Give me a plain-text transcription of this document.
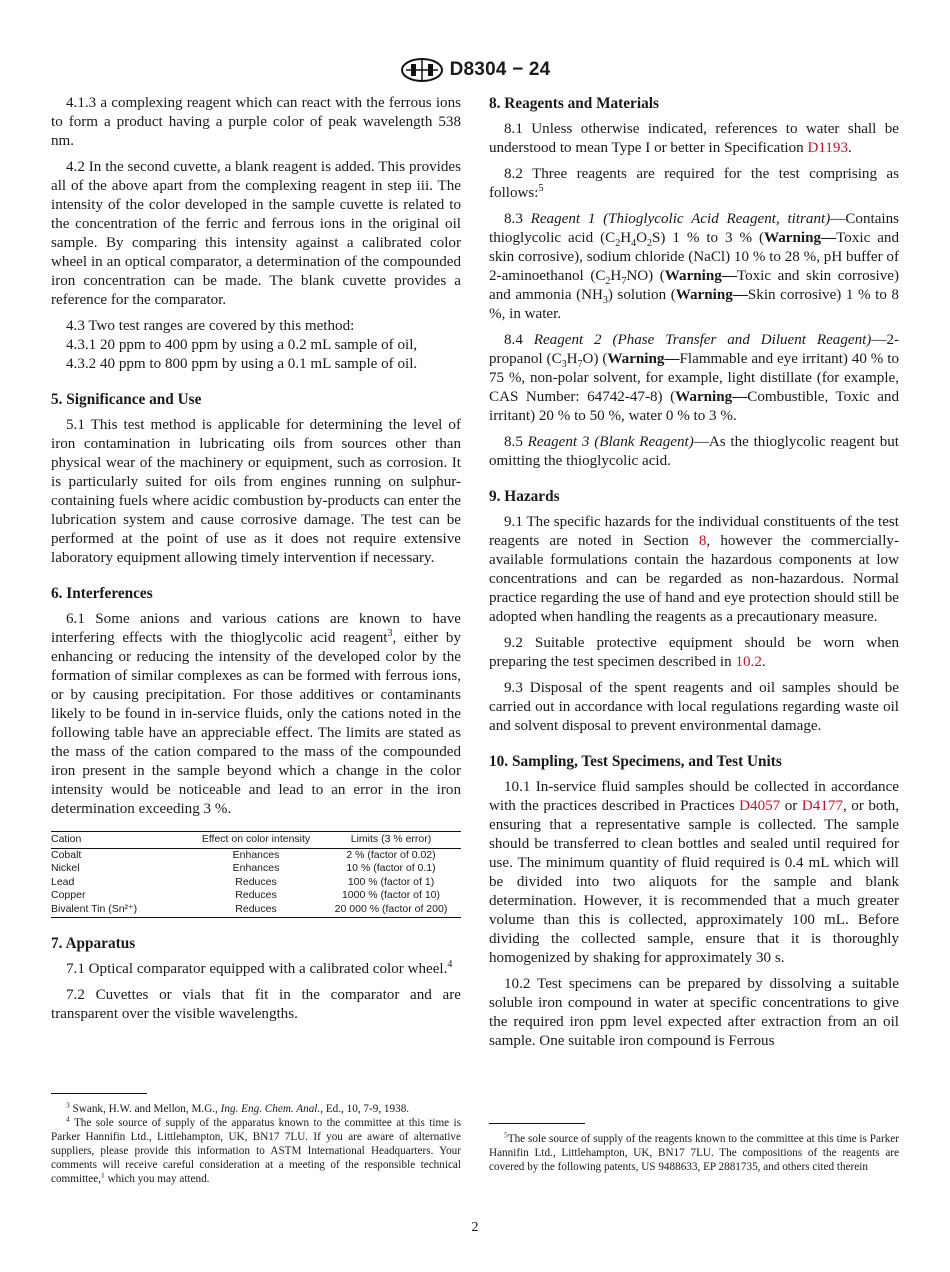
D8304 − 24

4.1.3 a complexing reagent which can react with the ferrous ions to form a product having a purple color of peak wavelength 538 nm.

4.2 In the second cuvette, a blank reagent is added. This provides all of the above apart from the complexing reagent in step iii. The intensity of the color developed in the sample cuvette is related to the concentration of the ferric and ferrous ions in the original oil sample. By comparing this intensity against a calibrated color wheel in an optical comparator, a determination of the compounded iron concentration can be made. The blank cuvette provides a reference for the comparator.

4.3 Two test ranges are covered by this method:

4.3.1 20 ppm to 400 ppm by using a 0.2 mL sample of oil,

4.3.2 40 ppm to 800 ppm by using a 0.1 mL sample of oil.

5. Significance and Use

5.1 This test method is applicable for determining the level of iron contamination in lubricating oils from sources other than physical wear of the machinery or equipment, such as corrosion. It is particularly suited for oils from engines running on sulphur-containing fuels where acidic combustion by-products can enter the lubrication system and cause corrosive damage. The test can be performed at the point of use as it does not require extensive laboratory equipment allowing timely intervention if necessary.

6. Interferences

6.1 Some anions and various cations are known to have interfering effects with the thioglycolic acid reagent$^3$, either by enhancing or reducing the intensity of the developed color by the formation of similar complexes as can be formed with ferrous ions, or by causing precipitation. For those additives or contaminants likely to be found in in-service fluids, only the cations noted in the following table have an appreciable effect. The limits are stated as the mass of the cation compared to the mass of the compounded iron present in the sample beyond which a change in the color intensity would be noticeable and lead to an error in the iron determination exceeding 3 %.

Cation	Effect on color intensity	Limits (3 % error)
Cobalt	Enhances	2 % (factor of 0.02)
Nickel	Enhances	10 % (factor of 0.1)
Lead	Reduces	100 % (factor of 1)
Copper	Reduces	1000 % (factor of 10)
Bivalent Tin (Sn²⁺)	Reduces	20 000 % (factor of 200)
7. Apparatus

7.1 Optical comparator equipped with a calibrated color wheel.$^4$

7.2 Cuvettes or vials that fit in the comparator and are transparent over the visible wavelengths.

$^3$ Swank, H.W. and Mellon, M.G., Ing. Eng. Chem. Anal., Ed., 10, 7-9, 1938.

$^4$ The sole source of supply of the apparatus known to the committee at this time is Parker Hannifin Ltd., Littlehampton, UK, BN17 7LU. If you are aware of alternative suppliers, please provide this information to ASTM International Headquarters. Your comments will receive careful consideration at a meeting of the responsible technical committee,$^1$ which you may attend.

8. Reagents and Materials

8.1 Unless otherwise indicated, references to water shall be understood to mean Type I or better in Specification D1193.

8.2 Three reagents are required for the test comprising as follows:$^5$

8.3 Reagent 1 (Thioglycolic Acid Reagent, titrant)—Contains thioglycolic acid $(C_2H_4O_2S)$ 1 % to 3 % (Warning—Toxic and skin corrosive), sodium chloride (NaCl) 10 % to 28 %, pH buffer of 2-aminoethanol $(C_2H_7NO)$ (Warning—Toxic and skin corrosive) and ammonia $(NH_3)$ solution (Warning—Skin corrosive) 1 % to 8 %, in water.

8.4 Reagent 2 (Phase Transfer and Diluent Reagent)—2-propanol $(C_3H_7O)$ (Warning—Flammable and eye irritant) 40 % to 75 %, non-polar solvent, for example, light distillate (for example, CAS Number: 64742-47-8) (Warning—Combustible, Toxic and irritant) 20 % to 50 %, water 0 % to 3 %.

8.5 Reagent 3 (Blank Reagent)—As the thioglycolic reagent but omitting the thioglycolic acid.

9. Hazards

9.1 The specific hazards for the individual constituents of the test reagents are noted in Section 8, however the commercially-available formulations contain the hazardous components at low concentrations and can be regarded as non-hazardous. Normal practice regarding the use of hand and eye protection should still be adopted when handling the reagents as a precautionary measure.

9.2 Suitable protective equipment should be worn when preparing the test specimen described in 10.2.

9.3 Disposal of the spent reagents and oil samples should be carried out in accordance with local regulations regarding waste oil and solvent disposal to prevent environmental damage.

10. Sampling, Test Specimens, and Test Units

10.1 In-service fluid samples should be collected in accordance with the practices described in Practices D4057 or D4177, or both, ensuring that a representative sample is collected. The sample should be transferred to clean bottles and sealed until required for use. The minimum quantity of fluid required is 0.4 mL which will be divided into two aliquots for the sample and blank determination. However, it is recommended that a much greater volume than this is collected, approximately 100 mL. Before dividing the collected sample, ensure that it is thoroughly homogenized by shaking for approximately 30 s.

10.2 Test specimens can be prepared by dissolving a suitable soluble iron compound in water at specific concentrations to give the required iron ppm level expected after extraction from an oil sample. One suitable iron compound is Ferrous

$^5$The sole source of supply of the reagents known to the committee at this time is Parker Hannifin Ltd., Littlehampton, UK, BN17 7LU. The compositions of the reagents are covered by the following patents, US 9488633, EP 2881735, and others cited therein

2
